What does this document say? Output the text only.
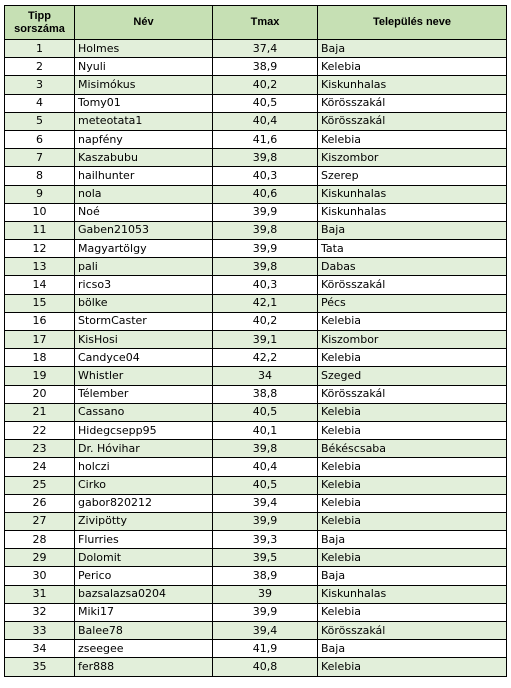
Tipp sorszáma	Név	Tmax	Település neve
1	Holmes	37,4	Baja
2	Nyuli	38,9	Kelebia
3	Misimókus	40,2	Kiskunhalas
4	Tomy01	40,5	Körösszakál
5	meteotata1	40,4	Körösszakál
6	napfény	41,6	Kelebia
7	Kaszabubu	39,8	Kiszombor
8	hailhunter	40,3	Szerep
9	nola	40,6	Kiskunhalas
10	Noé	39,9	Kiskunhalas
11	Gaben21053	39,8	Baja
12	Magyartölgy	39,9	Tata
13	pali	39,8	Dabas
14	ricso3	40,3	Körösszakál
15	bölke	42,1	Pécs
16	StormCaster	40,2	Kelebia
17	KisHosi	39,1	Kiszombor
18	Candyce04	42,2	Kelebia
19	Whistler	34	Szeged
20	Télember	38,8	Körösszakál
21	Cassano	40,5	Kelebia
22	Hidegcsepp95	40,1	Kelebia
23	Dr. Hóvihar	39,8	Békéscsaba
24	holczi	40,4	Kelebia
25	Cirko	40,5	Kelebia
26	gabor820212	39,4	Kelebia
27	Zivipötty	39,9	Kelebia
28	Flurries	39,3	Baja
29	Dolomit	39,5	Kelebia
30	Perico	38,9	Baja
31	bazsalazsa0204	39	Kiskunhalas
32	Miki17	39,9	Kelebia
33	Balee78	39,4	Körösszakál
34	zseegee	41,9	Baja
35	fer888	40,8	Kelebia
